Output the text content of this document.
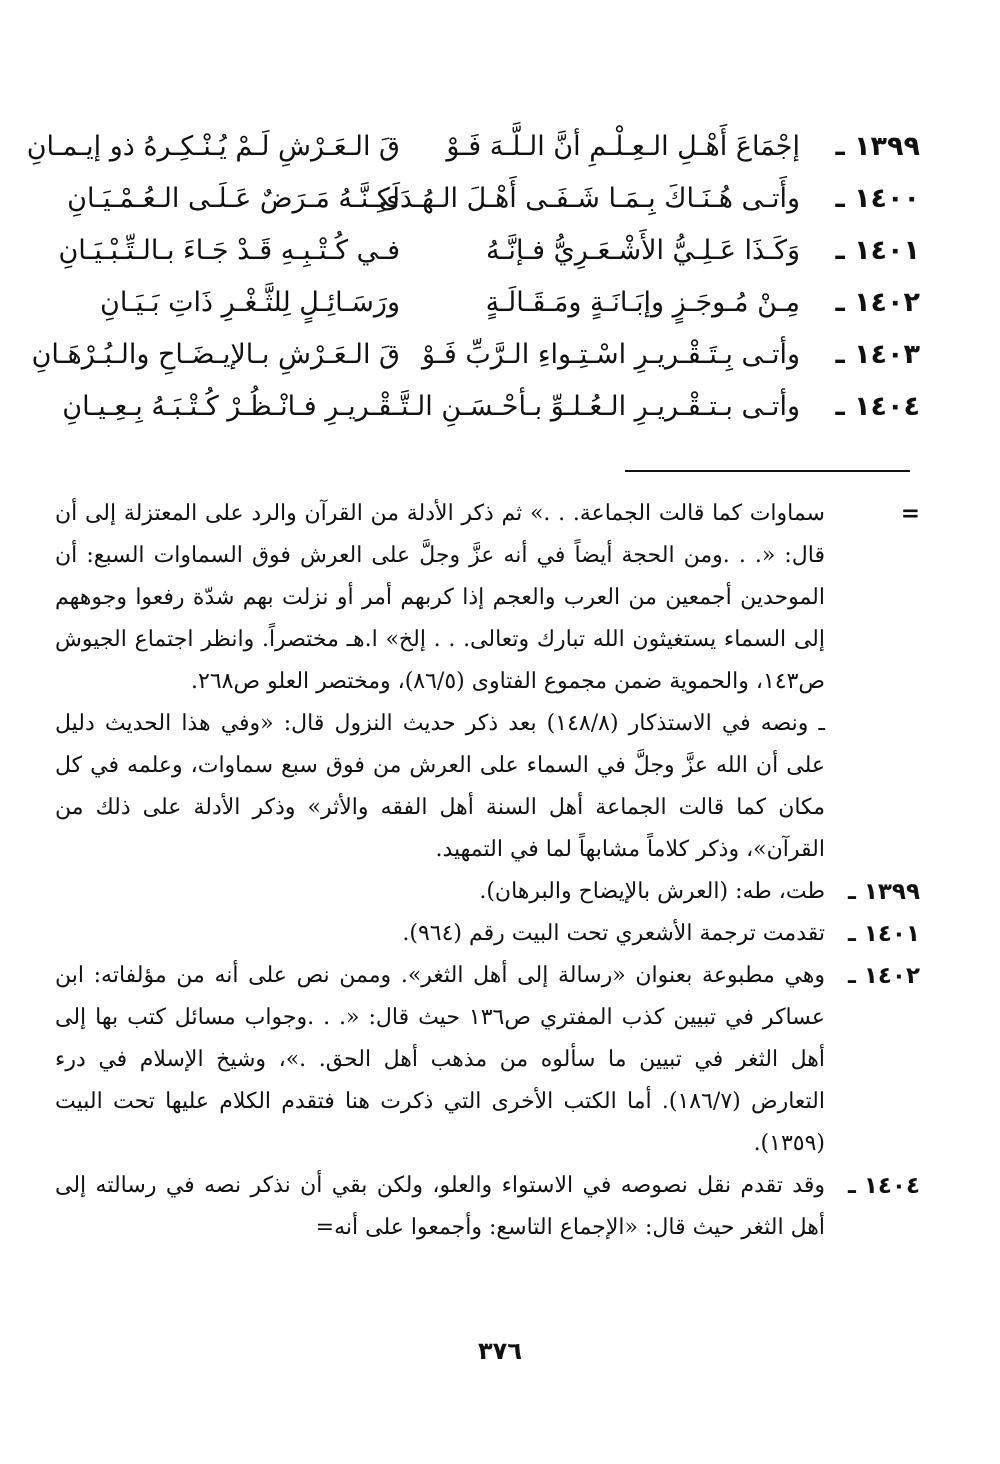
١٣٩٩ ـ
إجْمَاعَ أَهْـلِ الـعِـلْـمِ أنَّ الـلَّـهَ فَـوْ
قَ الـعَـرْشِ لَـمْ يُـنْـكِـرهُ ذو إيـمـانِ
١٤٠٠ ـ
وأَتـى هُـنَـاكَ بِـمَـا شَـفَـى أَهْـلَ الـهُـدَى
لَكِـنَّـهُ مَـرَضٌ عَـلَـى الـعُـمْـيَـانِ
١٤٠١ ـ
وَكَـذَا عَـلِـيُّ الأَشْـعَـرِيُّ فـإنَّـهُ
فـي كُـتْـبِـهِ قَـدْ جَـاءَ بـالـتِّـبْـيَـانِ
١٤٠٢ ـ
مِـنْ مُـوجَـزٍ وإبَـانَـةٍ ومَـقَـالَـةٍ
ورَسَـائِـلٍ لِلثَّـغْـرِ ذَاتِ بَـيَـانِ
١٤٠٣ ـ
وأتـى بِـتَـقْـريـرِ اسْـتِـواءِ الـرَّبِّ فَـوْ
قَ الـعَـرْشِ بـالإيـضَـاحِ والـبُـرْهَـانِ
١٤٠٤ ـ
وأتـى بـتـقْـريـرِ الـعُـلـوِّ بـأحْـسَـنِ الـتَّـ
ـقْـريـرِ فـانْـظُـرْ كُـتْـبَـهُ بِـعِـيـانِ
=
سماوات كما قالت الجماعة. . .» ثم ذكر الأدلة من القرآن والرد على المعتزلة إلى أن قال: «. . .ومن الحجة أيضاً في أنه عزَّ وجلَّ على العرش فوق السماوات السبع: أن الموحدين أجمعين من العرب والعجم إذا كربهم أمر أو نزلت بهم شدّة رفعوا وجوههم إلى السماء يستغيثون الله تبارك وتعالى. . . إلخ» ا.هـ مختصراً. وانظر اجتماع الجيوش ص١٤٣، والحموية ضمن مجموع الفتاوى (٨٦/٥)، ومختصر العلو ص٢٦٨.
ـ ونصه في الاستذكار (١٤٨/٨) بعد ذكر حديث النزول قال: «وفي هذا الحديث دليل على أن الله عزَّ وجلَّ في السماء على العرش من فوق سبع سماوات، وعلمه في كل مكان كما قالت الجماعة أهل السنة أهل الفقه والأثر» وذكر الأدلة على ذلك من القرآن»، وذكر كلاماً مشابهاً لما في التمهيد.
١٣٩٩ ـ
طت، طه: (العرش بالإيضاح والبرهان).
١٤٠١ ـ
تقدمت ترجمة الأشعري تحت البيت رقم (٩٦٤).
١٤٠٢ ـ
وهي مطبوعة بعنوان «رسالة إلى أهل الثغر». وممن نص على أنه من مؤلفاته: ابن عساكر في تبيين كذب المفتري ص١٣٦ حيث قال: «. . .وجواب مسائل كتب بها إلى أهل الثغر في تبيين ما سألوه من مذهب أهل الحق. .»، وشيخ الإسلام في درء التعارض (١٨٦/٧). أما الكتب الأخرى التي ذكرت هنا فتقدم الكلام عليها تحت البيت (١٣٥٩).
١٤٠٤ ـ
وقد تقدم نقل نصوصه في الاستواء والعلو، ولكن بقي أن نذكر نصه في رسالته إلى أهل الثغر حيث قال: «الإجماع التاسع: وأجمعوا على أنه=
٣٧٦
